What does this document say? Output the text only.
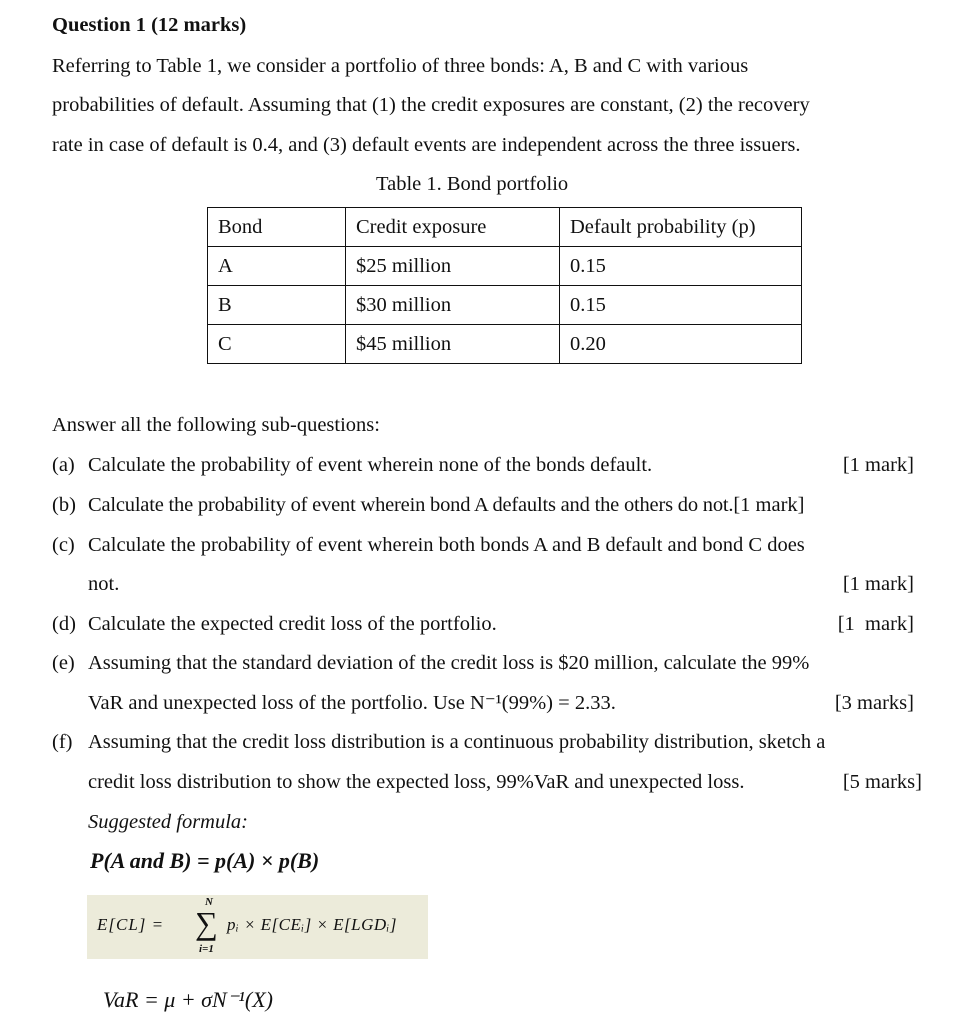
Question 1 (12 marks)
Referring to Table 1, we consider a portfolio of three bonds: A, B and C with various
probabilities of default. Assuming that (1) the credit exposures are constant, (2) the recovery
rate in case of default is 0.4, and (3) default events are independent across the three issuers.
Table 1. Bond portfolio
Bond	Credit exposure	Default probability (p)
A	$25 million	0.15
B	$30 million	0.15
C	$45 million	0.20
Answer all the following sub-questions:
(a) Calculate the probability of event wherein none of the bonds default.	[1 mark]
(b) Calculate the probability of event wherein bond A defaults and the others do not.[1 mark]
(c) Calculate the probability of event wherein both bonds A and B default and bond C does
not.	[1 mark]
(d) Calculate the expected credit loss of the portfolio.	[1  mark]
(e) Assuming that the standard deviation of the credit loss is $20 million, calculate the 99%
VaR and unexpected loss of the portfolio. Use N⁻¹(99%) = 2.33.	[3 marks]
(f) Assuming that the credit loss distribution is a continuous probability distribution, sketch a
credit loss distribution to show the expected loss, 99%VaR and unexpected loss.	[5 marks]
Suggested formula:
P(A and B) = p(A) × p(B)
E[CL] =
N
∑
i=1
pᵢ × E[CEᵢ] × E[LGDᵢ]
VaR = μ + σN⁻¹(X)
